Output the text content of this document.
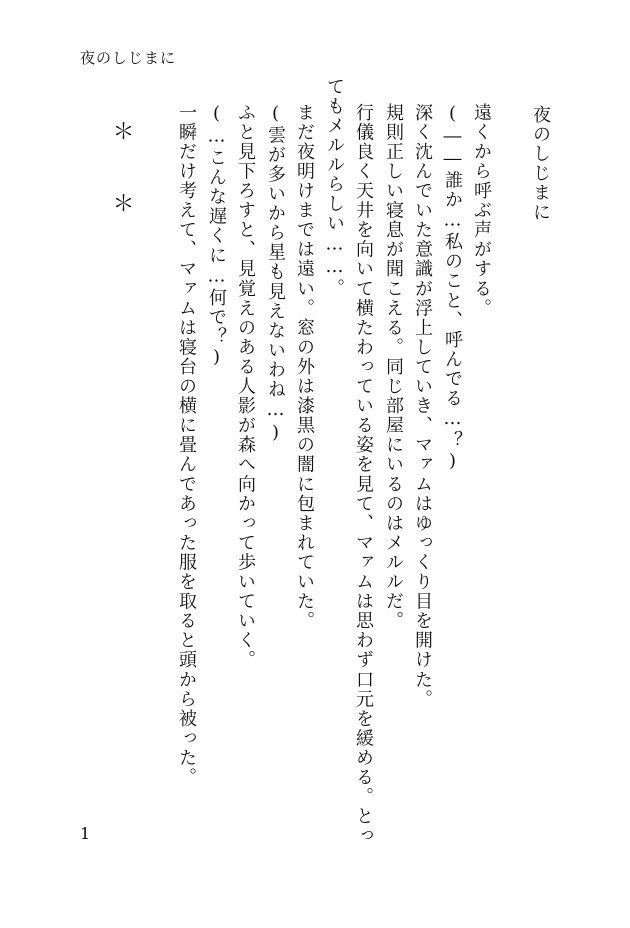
夜のしじまに
夜のしじまに
遠くから呼ぶ声がする。
(――誰か…私のこと、呼んでる…？)
深く沈んでいた意識が浮上していき、マァムはゆっくり目を開けた。
規則正しい寝息が聞こえる。同じ部屋にいるのはメルルだ。
行儀良く天井を向いて横たわっている姿を見て、マァムは思わず口元を緩める。とっ
てもメルルらしい……。
まだ夜明けまでは遠い。窓の外は漆黒の闇に包まれていた。
(雲が多いから星も見えないわね…)
ふと見下ろすと、見覚えのある人影が森へ向かって歩いていく。
(…こんな遅くに…何で？)
一瞬だけ考えて、マァムは寝台の横に畳んであった服を取ると頭から被った。
＊＊
1
